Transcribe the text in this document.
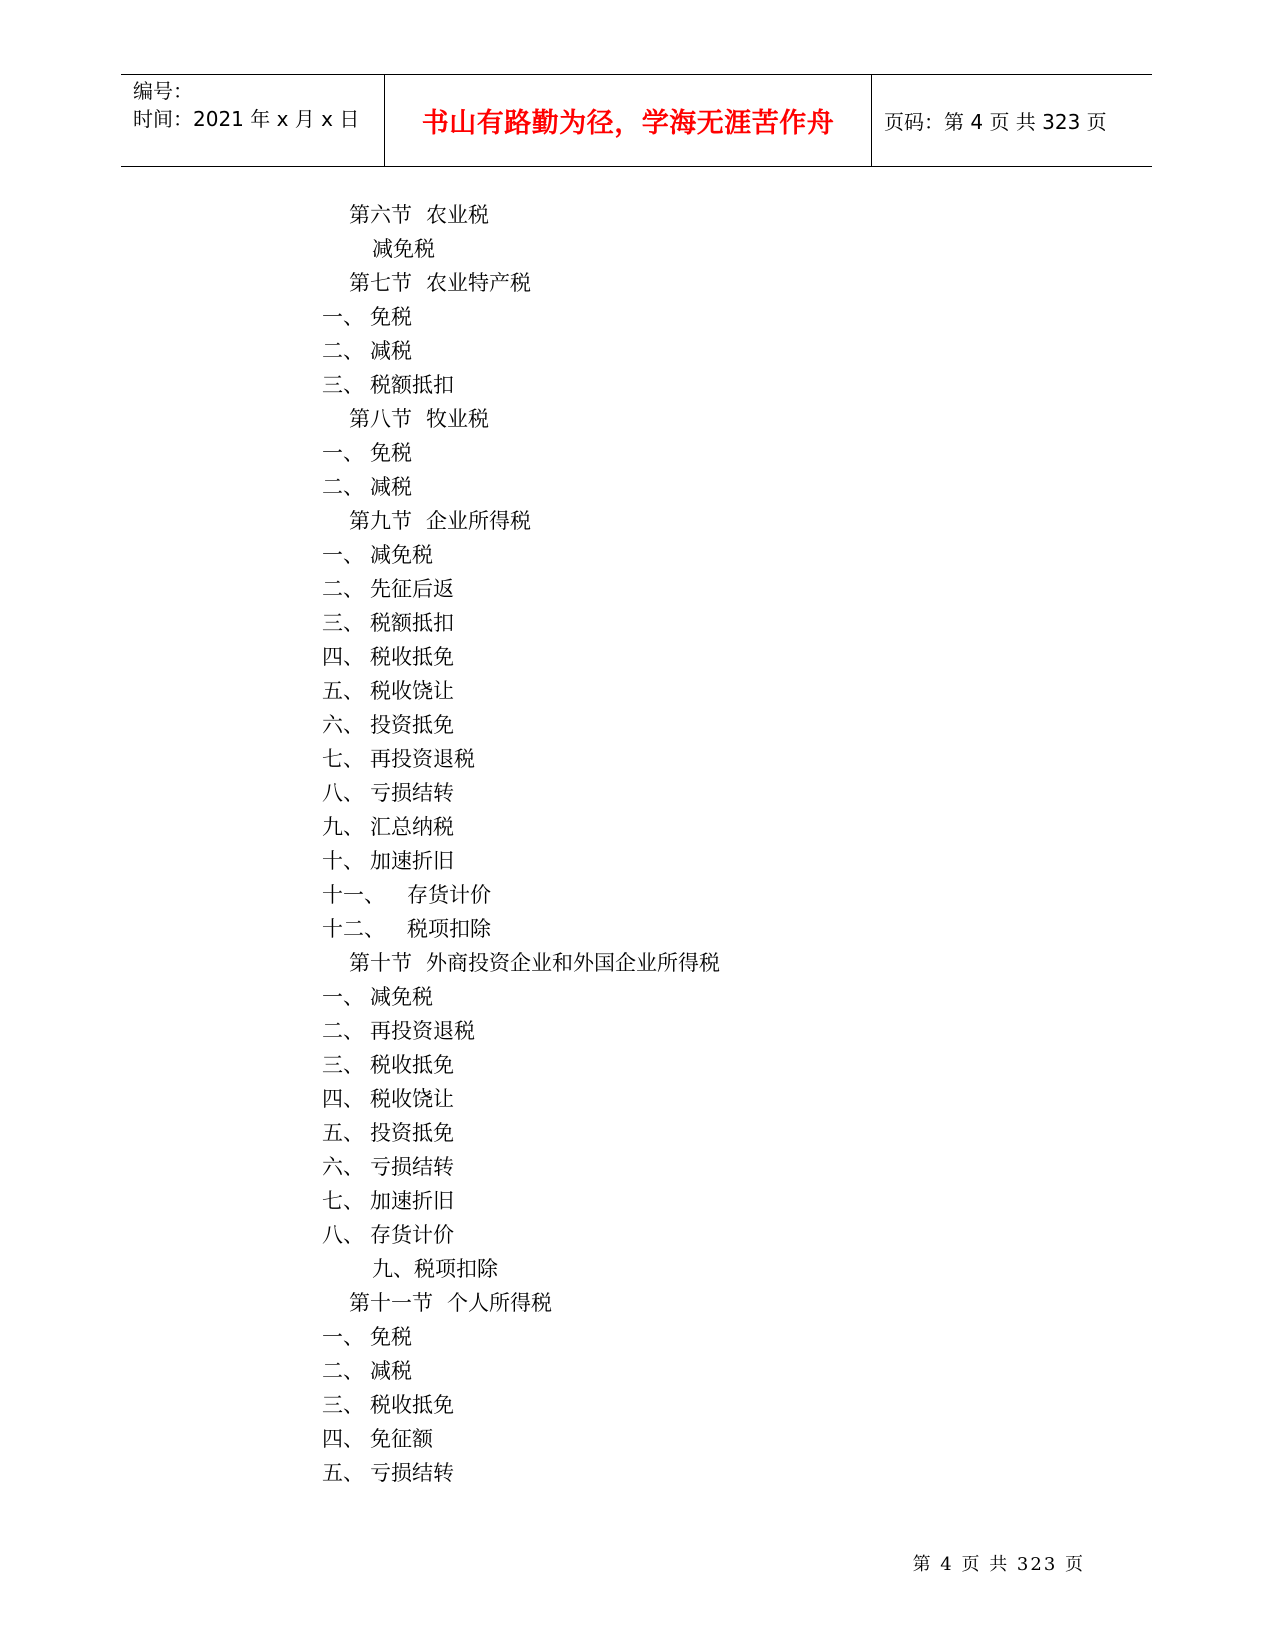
编号：
时间：2021 年 x 月 x 日	书山有路勤为径，学海无涯苦作舟 页码：第 4 页 共 323 页
第六节 农业税
减免税
第七节 农业特产税
一、 免税
二、 减税
三、 税额抵扣
第八节 牧业税
一、 免税
二、 减税
第九节 企业所得税
一、 减免税
二、 先征后返
三、 税额抵扣
四、 税收抵免
五、 税收饶让
六、 投资抵免
七、 再投资退税
八、 亏损结转
九、 汇总纳税
十、 加速折旧
十一、 存货计价
十二、 税项扣除
第十节 外商投资企业和外国企业所得税
一、 减免税
二、 再投资退税
三、 税收抵免
四、 税收饶让
五、 投资抵免
六、 亏损结转
七、 加速折旧
八、 存货计价
九、税项扣除
第十一节 个人所得税
一、 免税
二、 减税
三、 税收抵免
四、 免征额
五、 亏损结转
第 4 页 共 323 页
